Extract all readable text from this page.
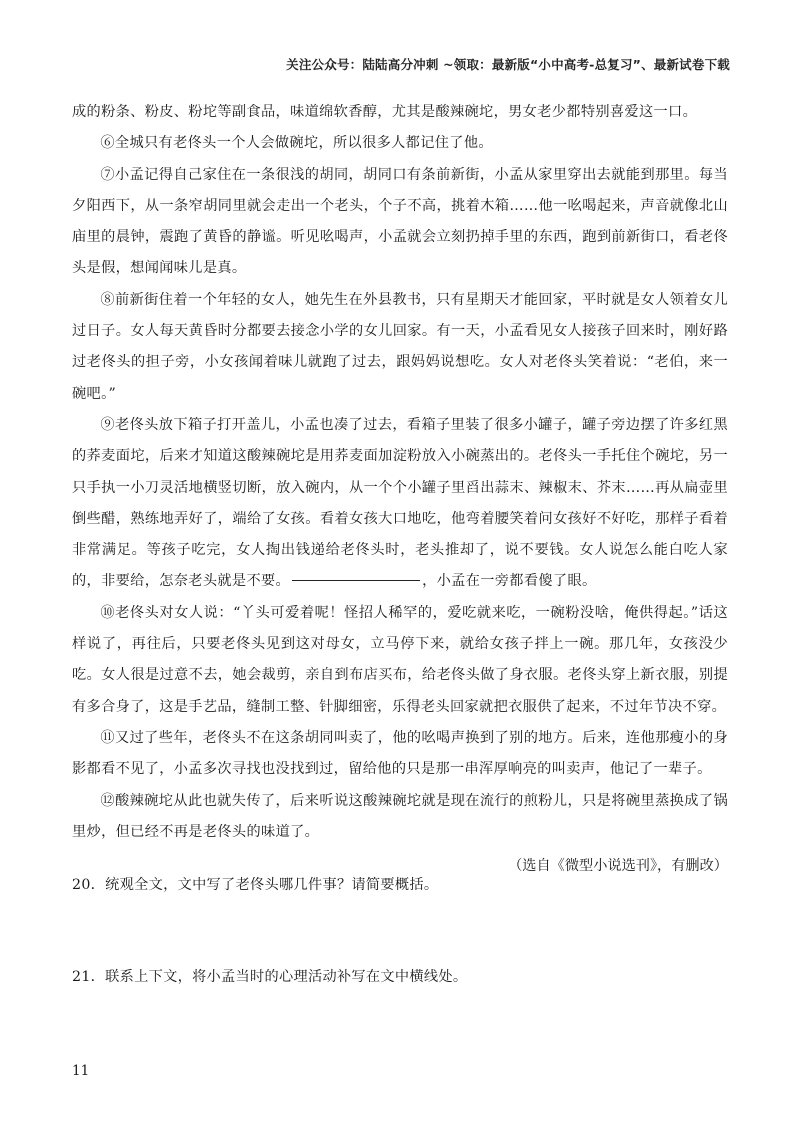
关注公众号：陆陆高分冲刺 ~领取：最新版“小中高考-总复习”、最新试卷下载

成的粉条、粉皮、粉坨等副食品，味道绵软香醇，尤其是酸辣碗坨，男女老少都特别喜爱这一口。

⑥全城只有老佟头一个人会做碗坨，所以很多人都记住了他。

⑦小孟记得自己家住在一条很浅的胡同，胡同口有条前新街，小孟从家里穿出去就能到那里。每当夕阳西下，从一条窄胡同里就会走出一个老头，个子不高，挑着木箱……他一吆喝起来，声音就像北山庙里的晨钟，震跑了黄昏的静谧。听见吆喝声，小孟就会立刻扔掉手里的东西，跑到前新街口，看老佟头是假，想闻闻味儿是真。

⑧前新街住着一个年轻的女人，她先生在外县教书，只有星期天才能回家，平时就是女人领着女儿过日子。女人每天黄昏时分都要去接念小学的女儿回家。有一天，小孟看见女人接孩子回来时，刚好路过老佟头的担子旁，小女孩闻着味儿就跑了过去，跟妈妈说想吃。女人对老佟头笑着说：“老伯，来一碗吧。”

⑨老佟头放下箱子打开盖儿，小孟也凑了过去，看箱子里装了很多小罐子，罐子旁边摆了许多红黑的荞麦面坨，后来才知道这酸辣碗坨是用荞麦面加淀粉放入小碗蒸出的。老佟头一手托住个碗坨，另一只手执一小刀灵活地横竖切断，放入碗内，从一个个小罐子里舀出蒜末、辣椒末、芥末……再从扁壶里倒些醋，熟练地弄好了，端给了女孩。看着女孩大口地吃，他弯着腰笑着问女孩好不好吃，那样子看着非常满足。等孩子吃完，女人掏出钱递给老佟头时，老头推却了，说不要钱。女人说怎么能白吃人家的，非要给，怎奈老头就是不要。	，小孟在一旁都看傻了眼。

⑩老佟头对女人说：“丫头可爱着呢！怪招人稀罕的，爱吃就来吃，一碗粉没啥，俺供得起。”话这样说了，再往后，只要老佟头见到这对母女，立马停下来，就给女孩子拌上一碗。那几年，女孩没少吃。女人很是过意不去，她会裁剪，亲自到布店买布，给老佟头做了身衣服。老佟头穿上新衣服，别提有多合身了，这是手艺品，缝制工整、针脚细密，乐得老头回家就把衣服供了起来，不过年节决不穿。

⑪又过了些年，老佟头不在这条胡同叫卖了，他的吆喝声换到了别的地方。后来，连他那瘦小的身影都看不见了，小孟多次寻找也没找到过，留给他的只是那一串浑厚响亮的叫卖声，他记了一辈子。

⑫酸辣碗坨从此也就失传了，后来听说这酸辣碗坨就是现在流行的煎粉儿，只是将碗里蒸换成了锅里炒，但已经不再是老佟头的味道了。

（选自《微型小说选刊》，有删改）

20．统观全文，文中写了老佟头哪几件事？请简要概括。
21．联系上下文，将小孟当时的心理活动补写在文中横线处。
11
